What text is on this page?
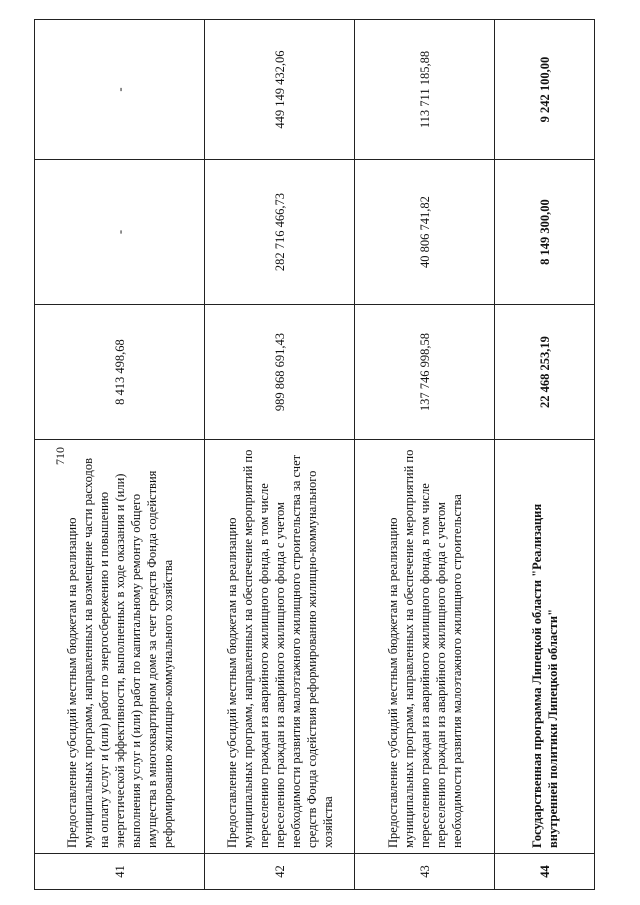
710
41	Предоставление субсидий местным бюджетам на реализацию муниципальных программ, направленных на возмещение части расходов на оплату услуг и (или) работ по энергосбережению и повышению энергетической эффективности, выполненных в ходе оказания и (или) выполнения услуг и (или) работ по капитальному ремонту общего имущества в многоквартирном доме за счет средств Фонда содействия реформированию жилищно-коммунального хозяйства	8 413 498,68	-	-
42	Предоставление субсидий местным бюджетам на реализацию муниципальных программ, направленных на обеспечение мероприятий по переселению граждан из аварийного жилищного фонда, в том числе переселению граждан из аварийного жилищного фонда с учетом необходимости развития малоэтажного жилищного строительства за счет средств Фонда содействия реформированию жилищно-коммунального хозяйства	989 868 691,43	282 716 466,73	449 149 432,06
43	Предоставление субсидий местным бюджетам на реализацию муниципальных программ, направленных на обеспечение мероприятий по переселению граждан из аварийного жилищного фонда, в том числе переселению граждан из аварийного жилищного фонда с учетом необходимости развития малоэтажного жилищного строительства	137 746 998,58	40 806 741,82	113 711 185,88
44	Государственная программа Липецкой области "Реализация внутренней политики Липецкой области"	22 468 253,19	8 149 300,00	9 242 100,00
